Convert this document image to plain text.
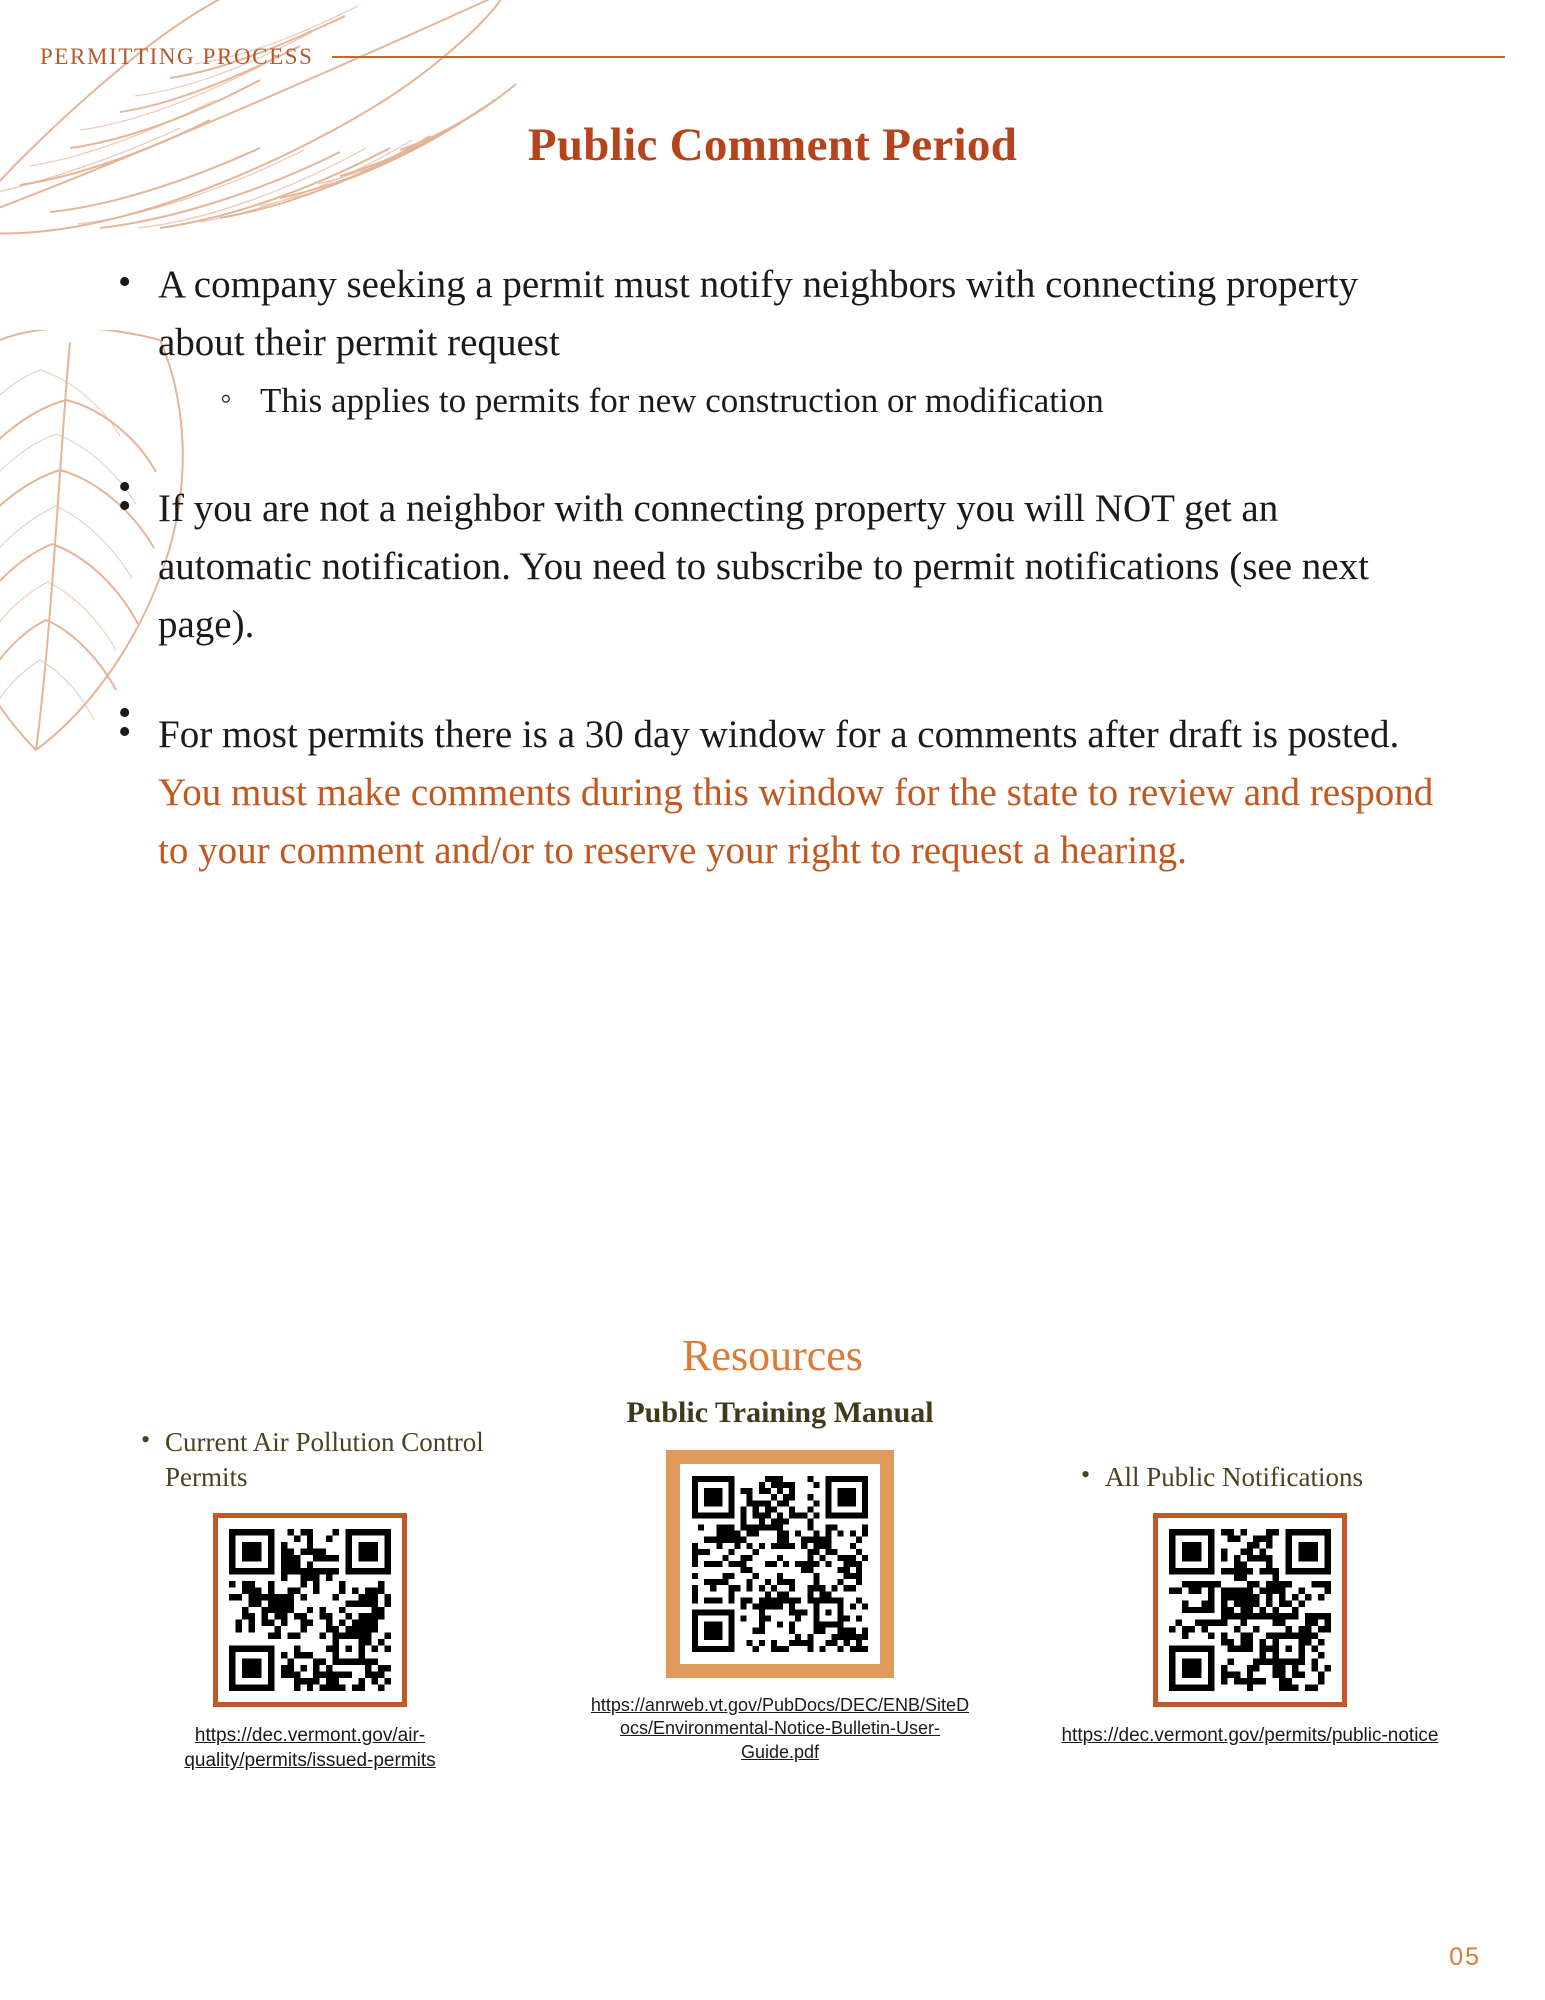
PERMITTING PROCESS
Public Comment Period
• A company seeking a permit must notify neighbors with connecting property about their permit request
◦ This applies to permits for new construction or modification
•
• If you are not a neighbor with connecting property you will NOT get an automatic notification. You need to subscribe to permit notifications (see next page).
•
• For most permits there is a 30 day window for a comments after draft is posted. You must make comments during this window for the state to review and respond to your comment and/or to reserve your right to request a hearing.
Resources
• Current Air Pollution Control Permits
https://dec.vermont.gov/air-quality/permits/issued-permits
Public Training Manual
https://anrweb.vt.gov/PubDocs/DEC/ENB/SiteDocs/Environmental-Notice-Bulletin-User-Guide.pdf
• All Public Notifications
https://dec.vermont.gov/permits/public-notice
05
